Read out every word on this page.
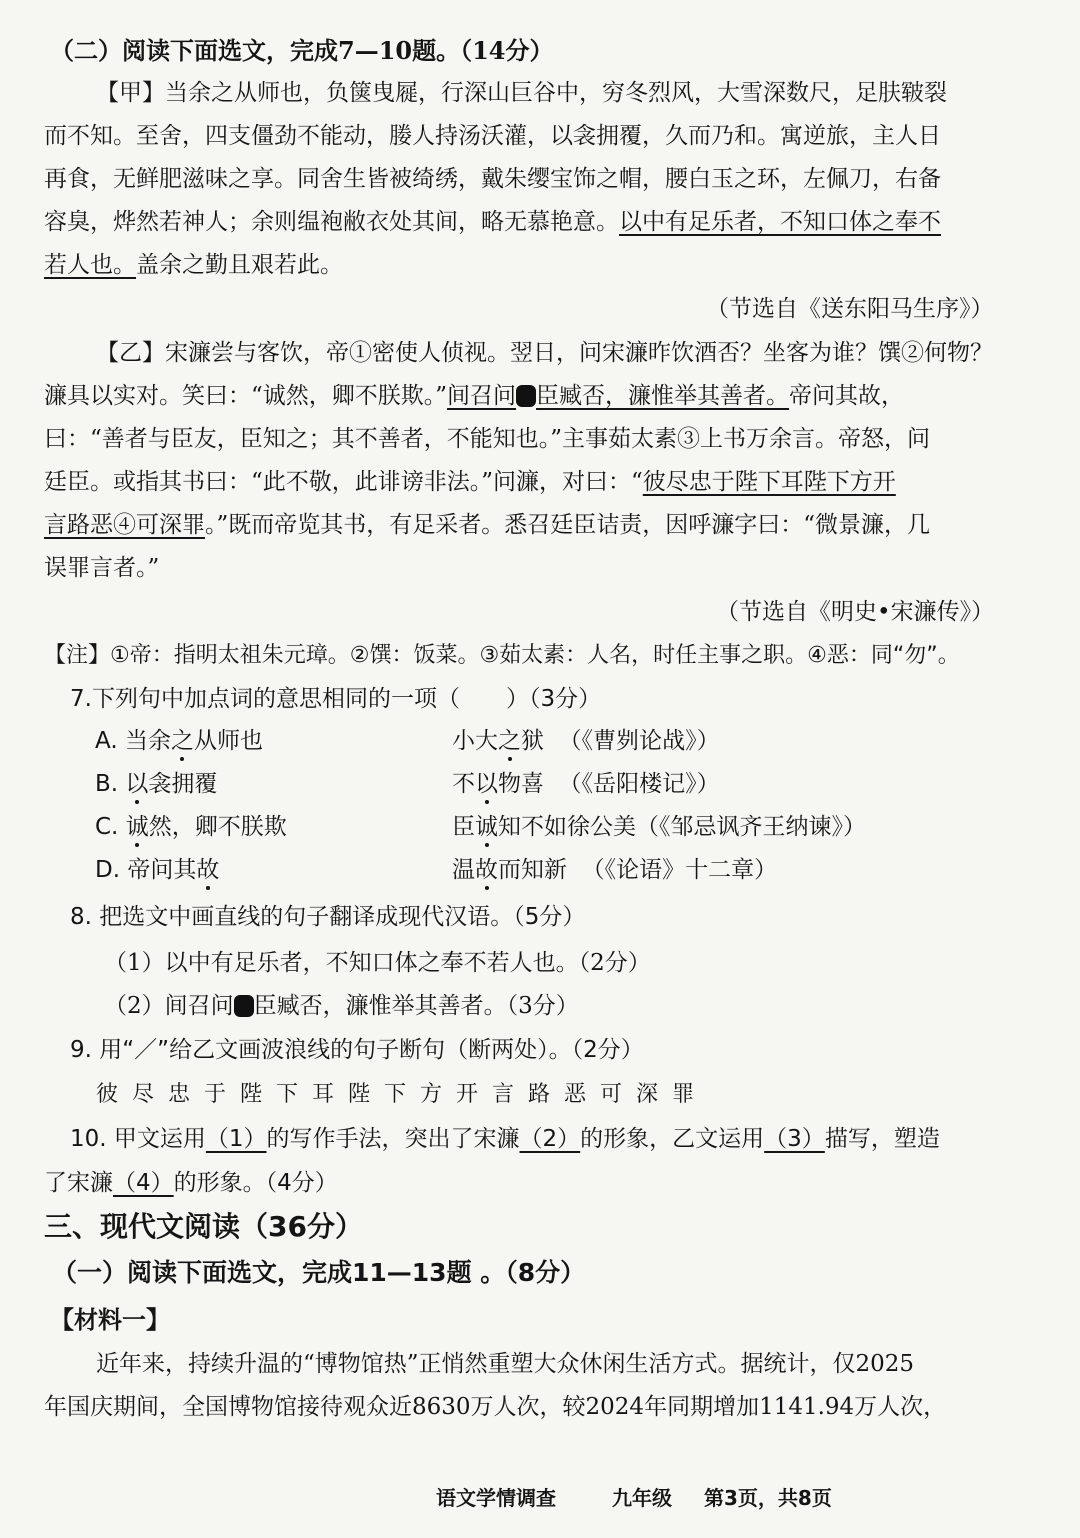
（二）阅读下面选文，完成7—10题。（14分）
【甲】当余之从师也，负箧曳屣，行深山巨谷中，穷冬烈风，大雪深数尺，足肤皲裂
而不知。至舍，四支僵劲不能动，媵人持汤沃灌，以衾拥覆，久而乃和。寓逆旅，主人日
再食，无鲜肥滋味之享。同舍生皆被绮绣，戴朱缨宝饰之帽，腰白玉之环，左佩刀，右备
容臭，烨然若神人；余则缊袍敝衣处其间，略无慕艳意。以中有足乐者，不知口体之奉不
若人也。盖余之勤且艰若此。
（节选自《送东阳马生序》）
【乙】宋濂尝与客饮，帝①密使人侦视。翌日，问宋濂昨饮酒否？坐客为谁？馔②何物？
濂具以实对。笑曰：“诚然，卿不朕欺。”间召问 臣臧否，濂惟举其善者。帝问其故，
曰：“善者与臣友，臣知之；其不善者，不能知也。”主事茹太素③上书万余言。帝怒，问
廷臣。或指其书曰：“此不敬，此诽谤非法。”问濂，对曰：“彼尽忠于陛下耳陛下方开
言路恶④可深罪。”既而帝览其书，有足采者。悉召廷臣诘责，因呼濂字曰：“微景濂，几
误罪言者。”
（节选自《明史•宋濂传》）
【注】①帝：指明太祖朱元璋。②馔：饭菜。③茹太素：人名，时任主事之职。④恶：同“勿”。
7.下列句中加点词的意思相同的一项（　　）（3分）
A. 当余之从师也	小大之狱 （《曹刿论战》）
B. 以衾拥覆	不以物喜 （《岳阳楼记》）
C. 诚然，卿不朕欺	臣诚知不如徐公美（《邹忌讽齐王纳谏》）
D. 帝问其故	温故而知新 （《论语》十二章）
8. 把选文中画直线的句子翻译成现代汉语。（5分）
（1）以中有足乐者，不知口体之奉不若人也。（2分）
（2）间召问 臣臧否，濂惟举其善者。（3分）
9. 用“／”给乙文画波浪线的句子断句（断两处）。（2分）
彼尽忠于陛下耳陛下方开言路恶可深罪
10. 甲文运用（1）的写作手法，突出了宋濂（2）的形象，乙文运用（3）描写，塑造
了宋濂（4）的形象。（4分）
三、现代文阅读（36分）
（一）阅读下面选文，完成11—13题 。（8分）
【材料一】
近年来，持续升温的“博物馆热”正悄然重塑大众休闲生活方式。据统计，仅2025
年国庆期间，全国博物馆接待观众近8630万人次，较2024年同期增加1141.94万人次，
语文学情调查	九年级 第3页，共8页
